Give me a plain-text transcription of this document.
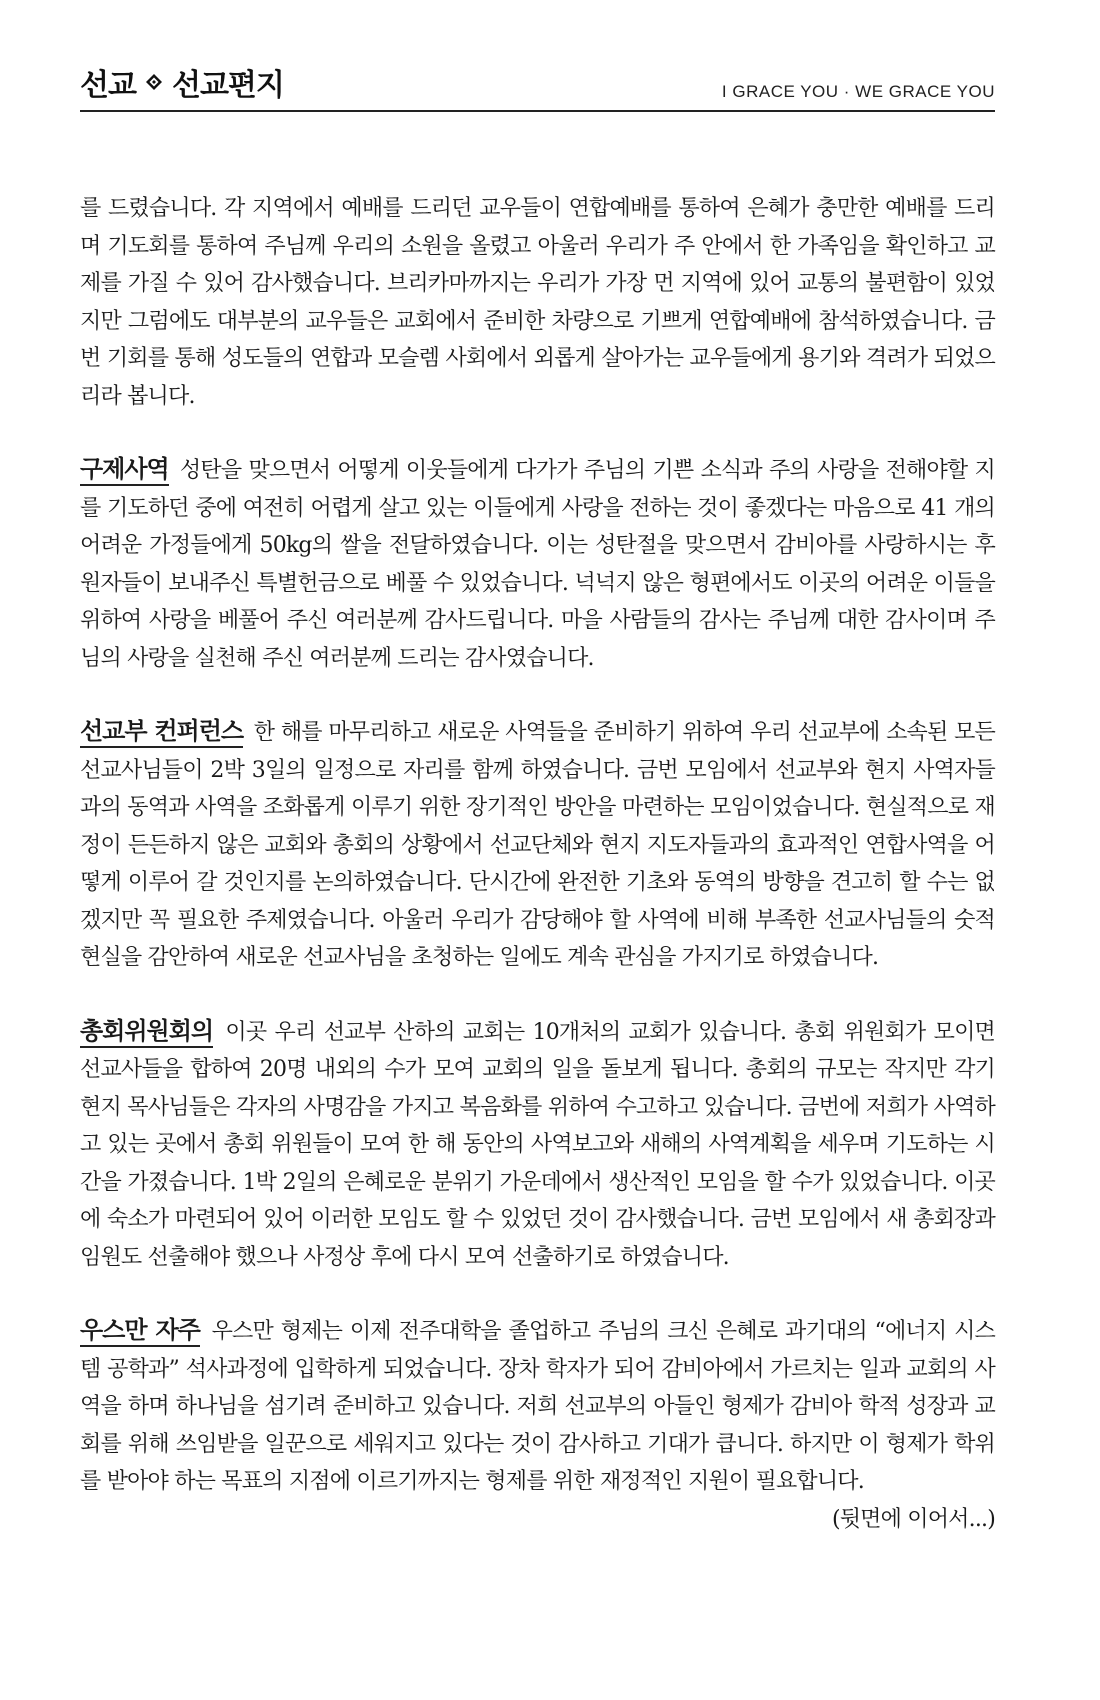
선교 선교편지	I GRACE YOU · WE GRACE YOU

를 드렸습니다. 각 지역에서 예배를 드리던 교우들이 연합예배를 통하여 은혜가 충만한 예배를 드리며 기도회를 통하여 주님께 우리의 소원을 올렸고 아울러 우리가 주 안에서 한 가족임을 확인하고 교제를 가질 수 있어 감사했습니다. 브리카마까지는 우리가 가장 먼 지역에 있어 교통의 불편함이 있었지만 그럼에도 대부분의 교우들은 교회에서 준비한 차량으로 기쁘게 연합예배에 참석하였습니다. 금번 기회를 통해 성도들의 연합과 모슬렘 사회에서 외롭게 살아가는 교우들에게 용기와 격려가 되었으리라 봅니다.

구제사역 성탄을 맞으면서 어떻게 이웃들에게 다가가 주님의 기쁜 소식과 주의 사랑을 전해야할 지를 기도하던 중에 여전히 어렵게 살고 있는 이들에게 사랑을 전하는 것이 좋겠다는 마음으로 41 개의 어려운 가정들에게 50kg의 쌀을 전달하였습니다. 이는 성탄절을 맞으면서 감비아를 사랑하시는 후원자들이 보내주신 특별헌금으로 베풀 수 있었습니다. 넉넉지 않은 형편에서도 이곳의 어려운 이들을 위하여 사랑을 베풀어 주신 여러분께 감사드립니다. 마을 사람들의 감사는 주님께 대한 감사이며 주님의 사랑을 실천해 주신 여러분께 드리는 감사였습니다.

선교부 컨퍼런스 한 해를 마무리하고 새로운 사역들을 준비하기 위하여 우리 선교부에 소속된 모든 선교사님들이 2박 3일의 일정으로 자리를 함께 하였습니다. 금번 모임에서 선교부와 현지 사역자들과의 동역과 사역을 조화롭게 이루기 위한 장기적인 방안을 마련하는 모임이었습니다. 현실적으로 재정이 든든하지 않은 교회와 총회의 상황에서 선교단체와 현지 지도자들과의 효과적인 연합사역을 어떻게 이루어 갈 것인지를 논의하였습니다. 단시간에 완전한 기초와 동역의 방향을 견고히 할 수는 없겠지만 꼭 필요한 주제였습니다. 아울러 우리가 감당해야 할 사역에 비해 부족한 선교사님들의 숫적 현실을 감안하여 새로운 선교사님을 초청하는 일에도 계속 관심을 가지기로 하였습니다.

총회위원회의 이곳 우리 선교부 산하의 교회는 10개처의 교회가 있습니다. 총회 위원회가 모이면 선교사들을 합하여 20명 내외의 수가 모여 교회의 일을 돌보게 됩니다. 총회의 규모는 작지만 각기 현지 목사님들은 각자의 사명감을 가지고 복음화를 위하여 수고하고 있습니다. 금번에 저희가 사역하고 있는 곳에서 총회 위원들이 모여 한 해 동안의 사역보고와 새해의 사역계획을 세우며 기도하는 시간을 가졌습니다. 1박 2일의 은혜로운 분위기 가운데에서 생산적인 모임을 할 수가 있었습니다. 이곳에 숙소가 마련되어 있어 이러한 모임도 할 수 있었던 것이 감사했습니다. 금번 모임에서 새 총회장과 임원도 선출해야 했으나 사정상 후에 다시 모여 선출하기로 하였습니다.

우스만 자주 우스만 형제는 이제 전주대학을 졸업하고 주님의 크신 은혜로 과기대의 “에너지 시스템 공학과” 석사과정에 입학하게 되었습니다. 장차 학자가 되어 감비아에서 가르치는 일과 교회의 사역을 하며 하나님을 섬기려 준비하고 있습니다. 저희 선교부의 아들인 형제가 감비아 학적 성장과 교회를 위해 쓰임받을 일꾼으로 세워지고 있다는 것이 감사하고 기대가 큽니다. 하지만 이 형제가 학위를 받아야 하는 목표의 지점에 이르기까지는 형제를 위한 재정적인 지원이 필요합니다.

(뒷면에 이어서...)
